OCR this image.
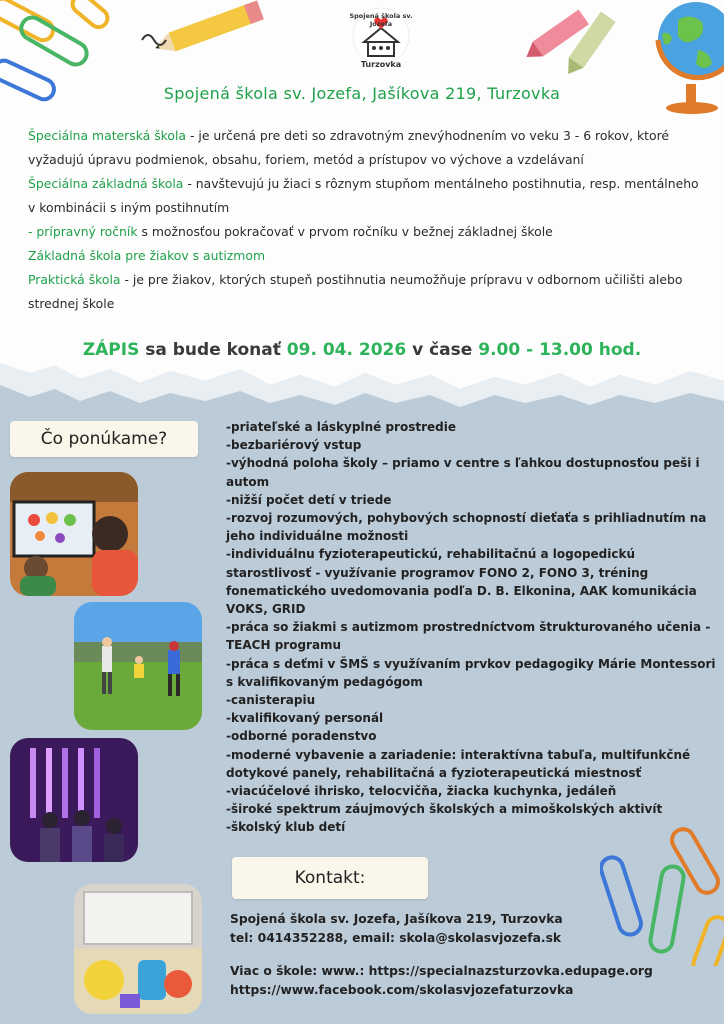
Spojená škola sv. Jozefa
Turzovka
Spojená škola sv. Jozefa, Jašíkova 219, Turzovka

Špeciálna materská škola - je určená pre deti so zdravotným znevýhodnením vo veku 3 - 6 rokov, ktoré vyžadujú úpravu podmienok, obsahu, foriem, metód a prístupov vo výchove a vzdelávaní

Špeciálna základná škola - navštevujú ju žiaci s rôznym stupňom mentálneho postihnutia, resp. mentálneho v kombinácii s iným postihnutím

- prípravný ročník s možnosťou pokračovať v prvom ročníku v bežnej základnej škole

Základná škola pre žiakov s autizmom

Praktická škola - je pre žiakov, ktorých stupeň postihnutia neumožňuje prípravu v odbornom učilišti alebo strednej škole

ZÁPIS sa bude konať 09. 04. 2026 v čase 9.00 - 13.00 hod.
Čo ponúkame?
-priateľské a láskyplné prostredie
-bezbariérový vstup
-výhodná poloha školy – priamo v centre s ľahkou dostupnosťou peši i autom
-nižší počet detí v triede
-rozvoj rozumových, pohybových schopností dieťaťa s prihliadnutím na jeho individuálne možnosti
-individuálnu fyzioterapeutickú, rehabilitačnú a logopedickú starostlivosť - využívanie programov FONO 2, FONO 3, tréning fonematického uvedomovania podľa D. B. Elkonina, AAK komunikácia VOKS, GRID
-práca so žiakmi s autizmom prostredníctvom štrukturovaného učenia - TEACH programu
-práca s deťmi v ŠMŠ s využívaním prvkov pedagogiky Márie Montessori s kvalifikovaným pedagógom
-canisterapiu
-kvalifikovaný personál
-odborné poradenstvo
-moderné vybavenie a zariadenie: interaktívna tabuľa, multifunkčné dotykové panely, rehabilitačná a fyzioterapeutická miestnosť
-viacúčelové ihrisko, telocvičňa, žiacka kuchynka, jedáleň
-široké spektrum záujmových školských a mimoškolských aktivít
-školský klub detí
Kontakt:
Spojená škola sv. Jozefa, Jašíkova 219, Turzovka
tel: 0414352288, email: skola@skolasvjozefa.sk
Viac o škole: www.: https://specialnazsturzovka.edupage.org
https://www.facebook.com/skolasvjozefaturzovka
